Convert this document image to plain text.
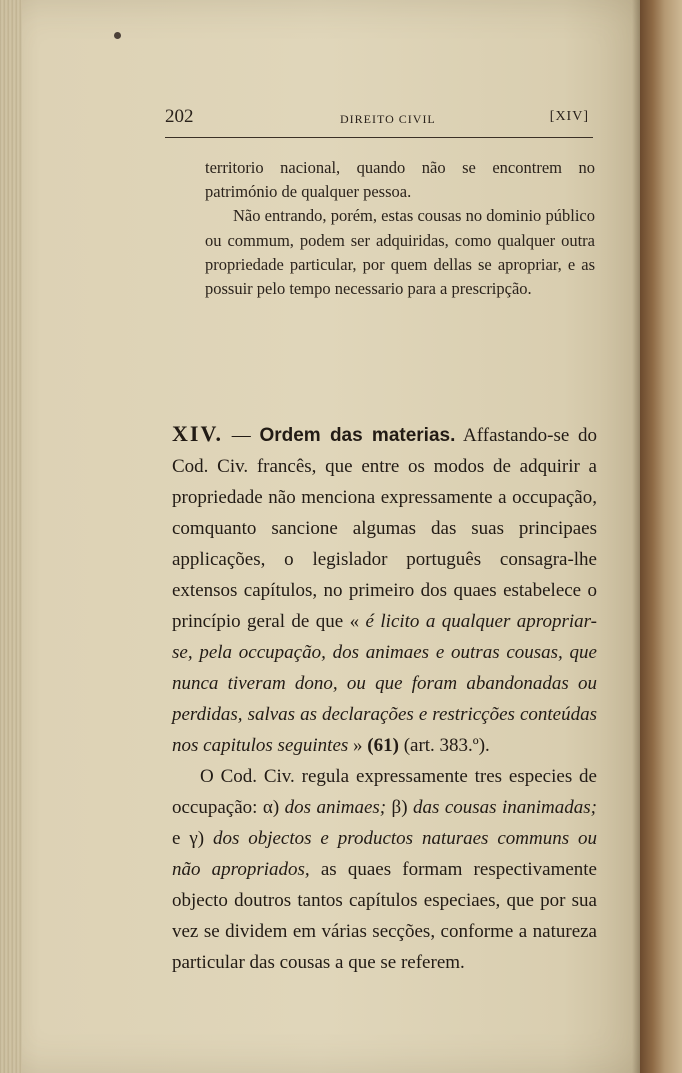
202	DIREITO CIVIL	[XIV]

territorio nacional, quando não se encontrem no património de qualquer pessoa.

Não entrando, porém, estas cousas no dominio público ou commum, podem ser adquiridas, como qualquer outra propriedade particular, por quem dellas se apropriar, e as possuir pelo tempo necessario para a prescripção.

XIV. — Ordem das materias. Affastando-se do Cod. Civ. francês, que entre os modos de adquirir a propriedade não menciona expressamente a occupação, comquanto sancione algumas das suas principaes applicações, o legislador português consagra-lhe extensos capítulos, no primeiro dos quaes estabelece o princípio geral de que « é licito a qualquer apropriar-se, pela occupação, dos animaes e outras cousas, que nunca tiveram dono, ou que foram abandonadas ou perdidas, salvas as declarações e restricções conteúdas nos capitulos seguintes » (61) (art. 383.º).

O Cod. Civ. regula expressamente tres especies de occupação: α) dos animaes; β) das cousas inanimadas; e γ) dos objectos e productos naturaes communs ou não apropriados, as quaes formam respectivamente objecto doutros tantos capítulos especiaes, que por sua vez se dividem em várias secções, conforme a natureza particular das cousas a que se referem.
